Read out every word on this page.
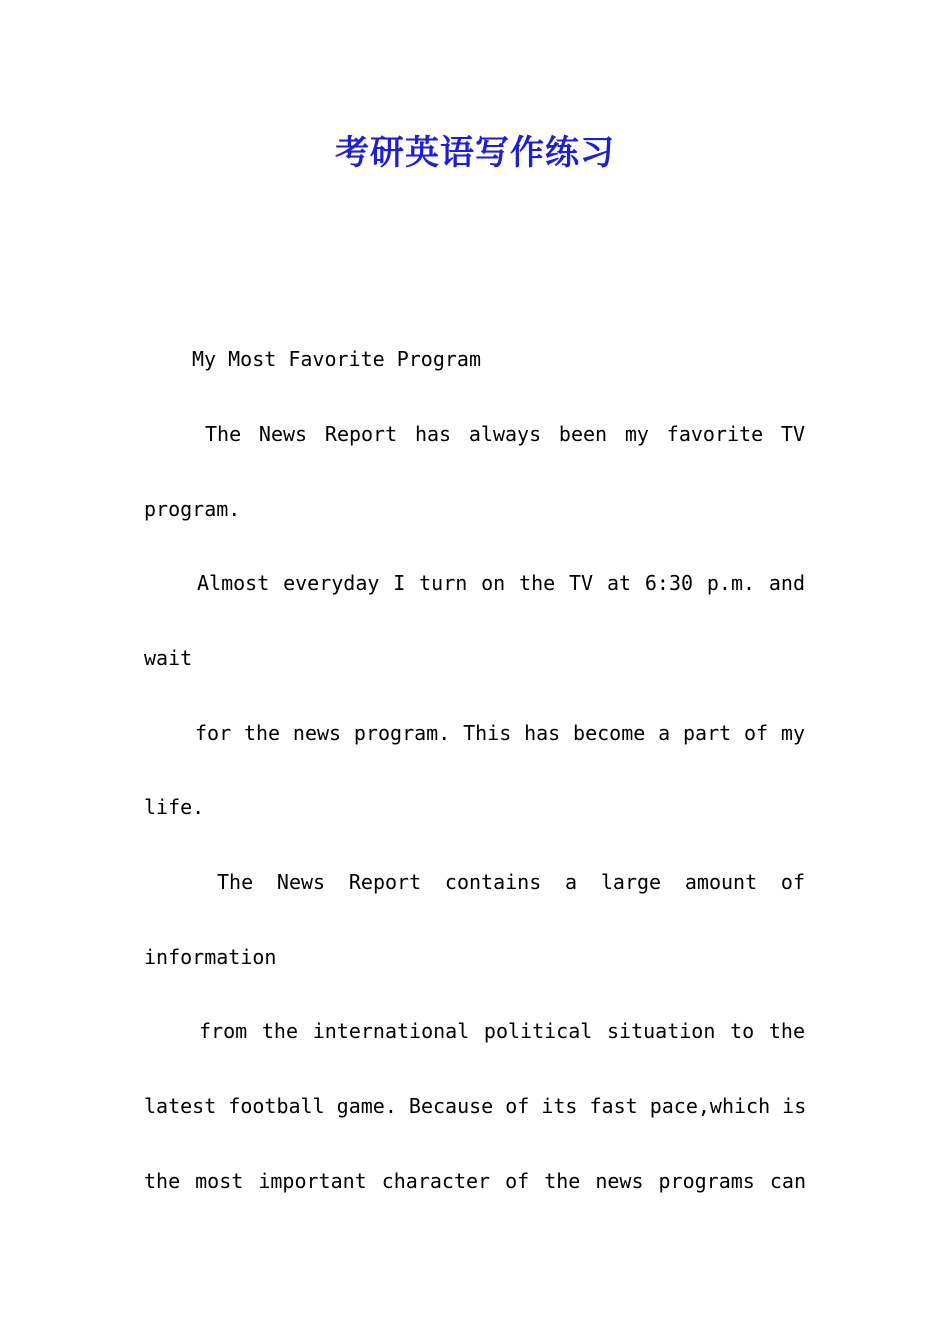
考研英语写作练习

My Most Favorite Program

The News Report has always been my favorite TV

program.

Almost everyday I turn on the TV at 6:30 p.m. and

wait

for the news program. This has become a part of my

life.

The News Report contains a large amount of

information

from the international political situation to the

latest football game. Because of its fast pace,which is

the most important character of the news programs can
